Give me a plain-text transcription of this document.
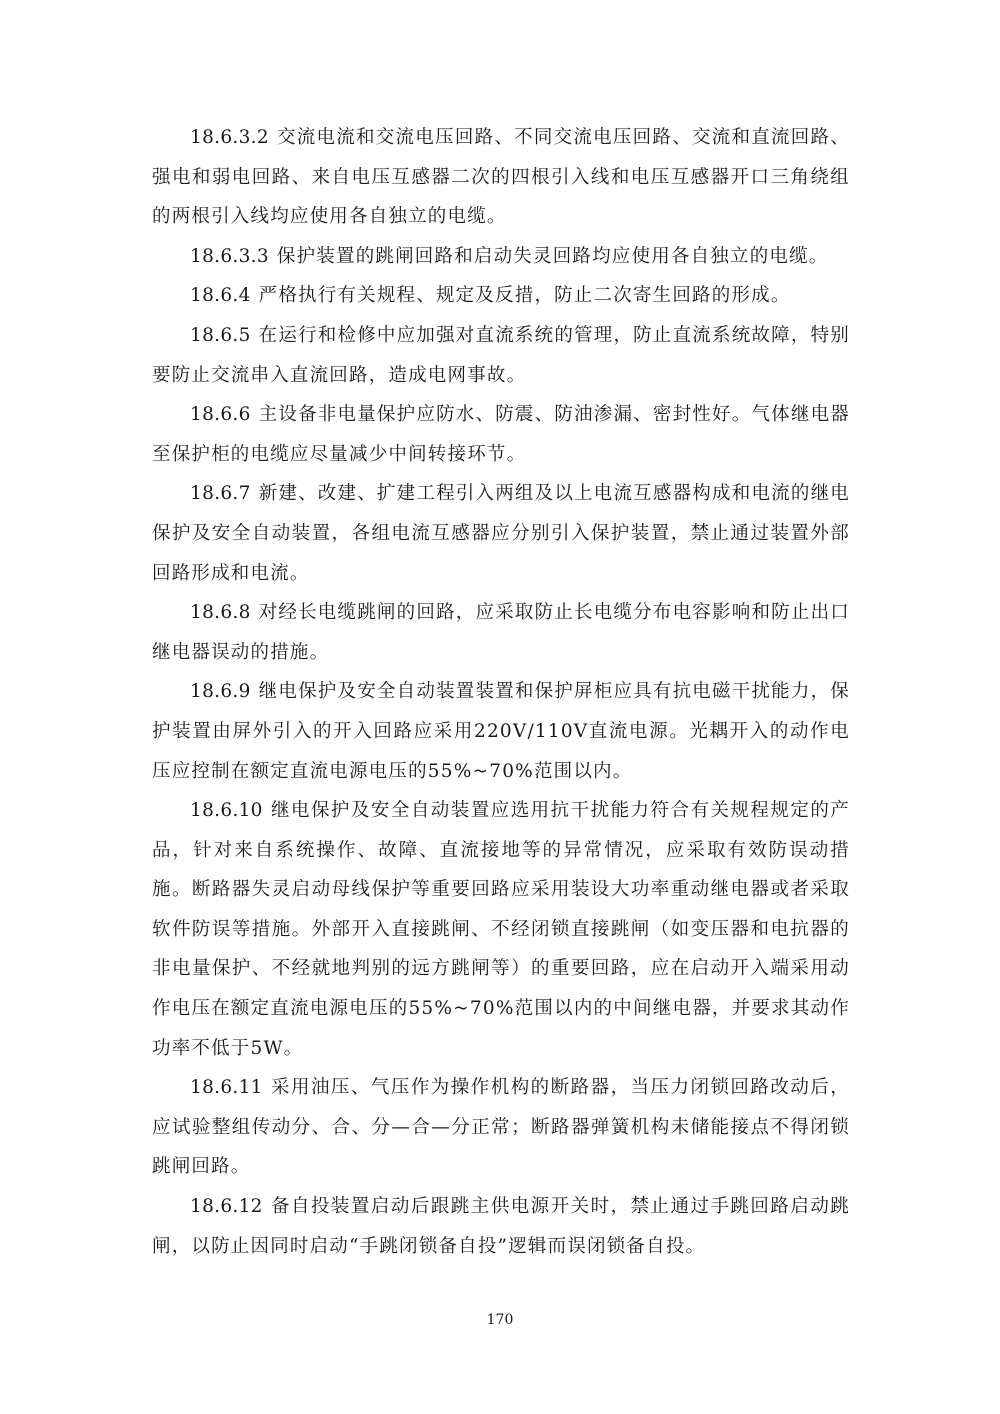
18.6.3.2 交流电流和交流电压回路、不同交流电压回路、交流和直流回路、强电和弱电回路、来自电压互感器二次的四根引入线和电压互感器开口三角绕组的两根引入线均应使用各自独立的电缆。

18.6.3.3 保护装置的跳闸回路和启动失灵回路均应使用各自独立的电缆。

18.6.4 严格执行有关规程、规定及反措，防止二次寄生回路的形成。

18.6.5 在运行和检修中应加强对直流系统的管理，防止直流系统故障，特别要防止交流串入直流回路，造成电网事故。

18.6.6 主设备非电量保护应防水、防震、防油渗漏、密封性好。气体继电器至保护柜的电缆应尽量减少中间转接环节。

18.6.7 新建、改建、扩建工程引入两组及以上电流互感器构成和电流的继电保护及安全自动装置，各组电流互感器应分别引入保护装置，禁止通过装置外部回路形成和电流。

18.6.8 对经长电缆跳闸的回路，应采取防止长电缆分布电容影响和防止出口继电器误动的措施。

18.6.9 继电保护及安全自动装置装置和保护屏柜应具有抗电磁干扰能力，保护装置由屏外引入的开入回路应采用220V/110V直流电源。光耦开入的动作电压应控制在额定直流电源电压的55%~70%范围以内。

18.6.10 继电保护及安全自动装置应选用抗干扰能力符合有关规程规定的产品，针对来自系统操作、故障、直流接地等的异常情况，应采取有效防误动措施。断路器失灵启动母线保护等重要回路应采用装设大功率重动继电器或者采取软件防误等措施。外部开入直接跳闸、不经闭锁直接跳闸（如变压器和电抗器的非电量保护、不经就地判别的远方跳闸等）的重要回路，应在启动开入端采用动作电压在额定直流电源电压的55%~70%范围以内的中间继电器，并要求其动作功率不低于5W。

18.6.11 采用油压、气压作为操作机构的断路器，当压力闭锁回路改动后，应试验整组传动分、合、分—合—分正常；断路器弹簧机构未储能接点不得闭锁跳闸回路。

18.6.12 备自投装置启动后跟跳主供电源开关时，禁止通过手跳回路启动跳闸，以防止因同时启动“手跳闭锁备自投”逻辑而误闭锁备自投。

170
